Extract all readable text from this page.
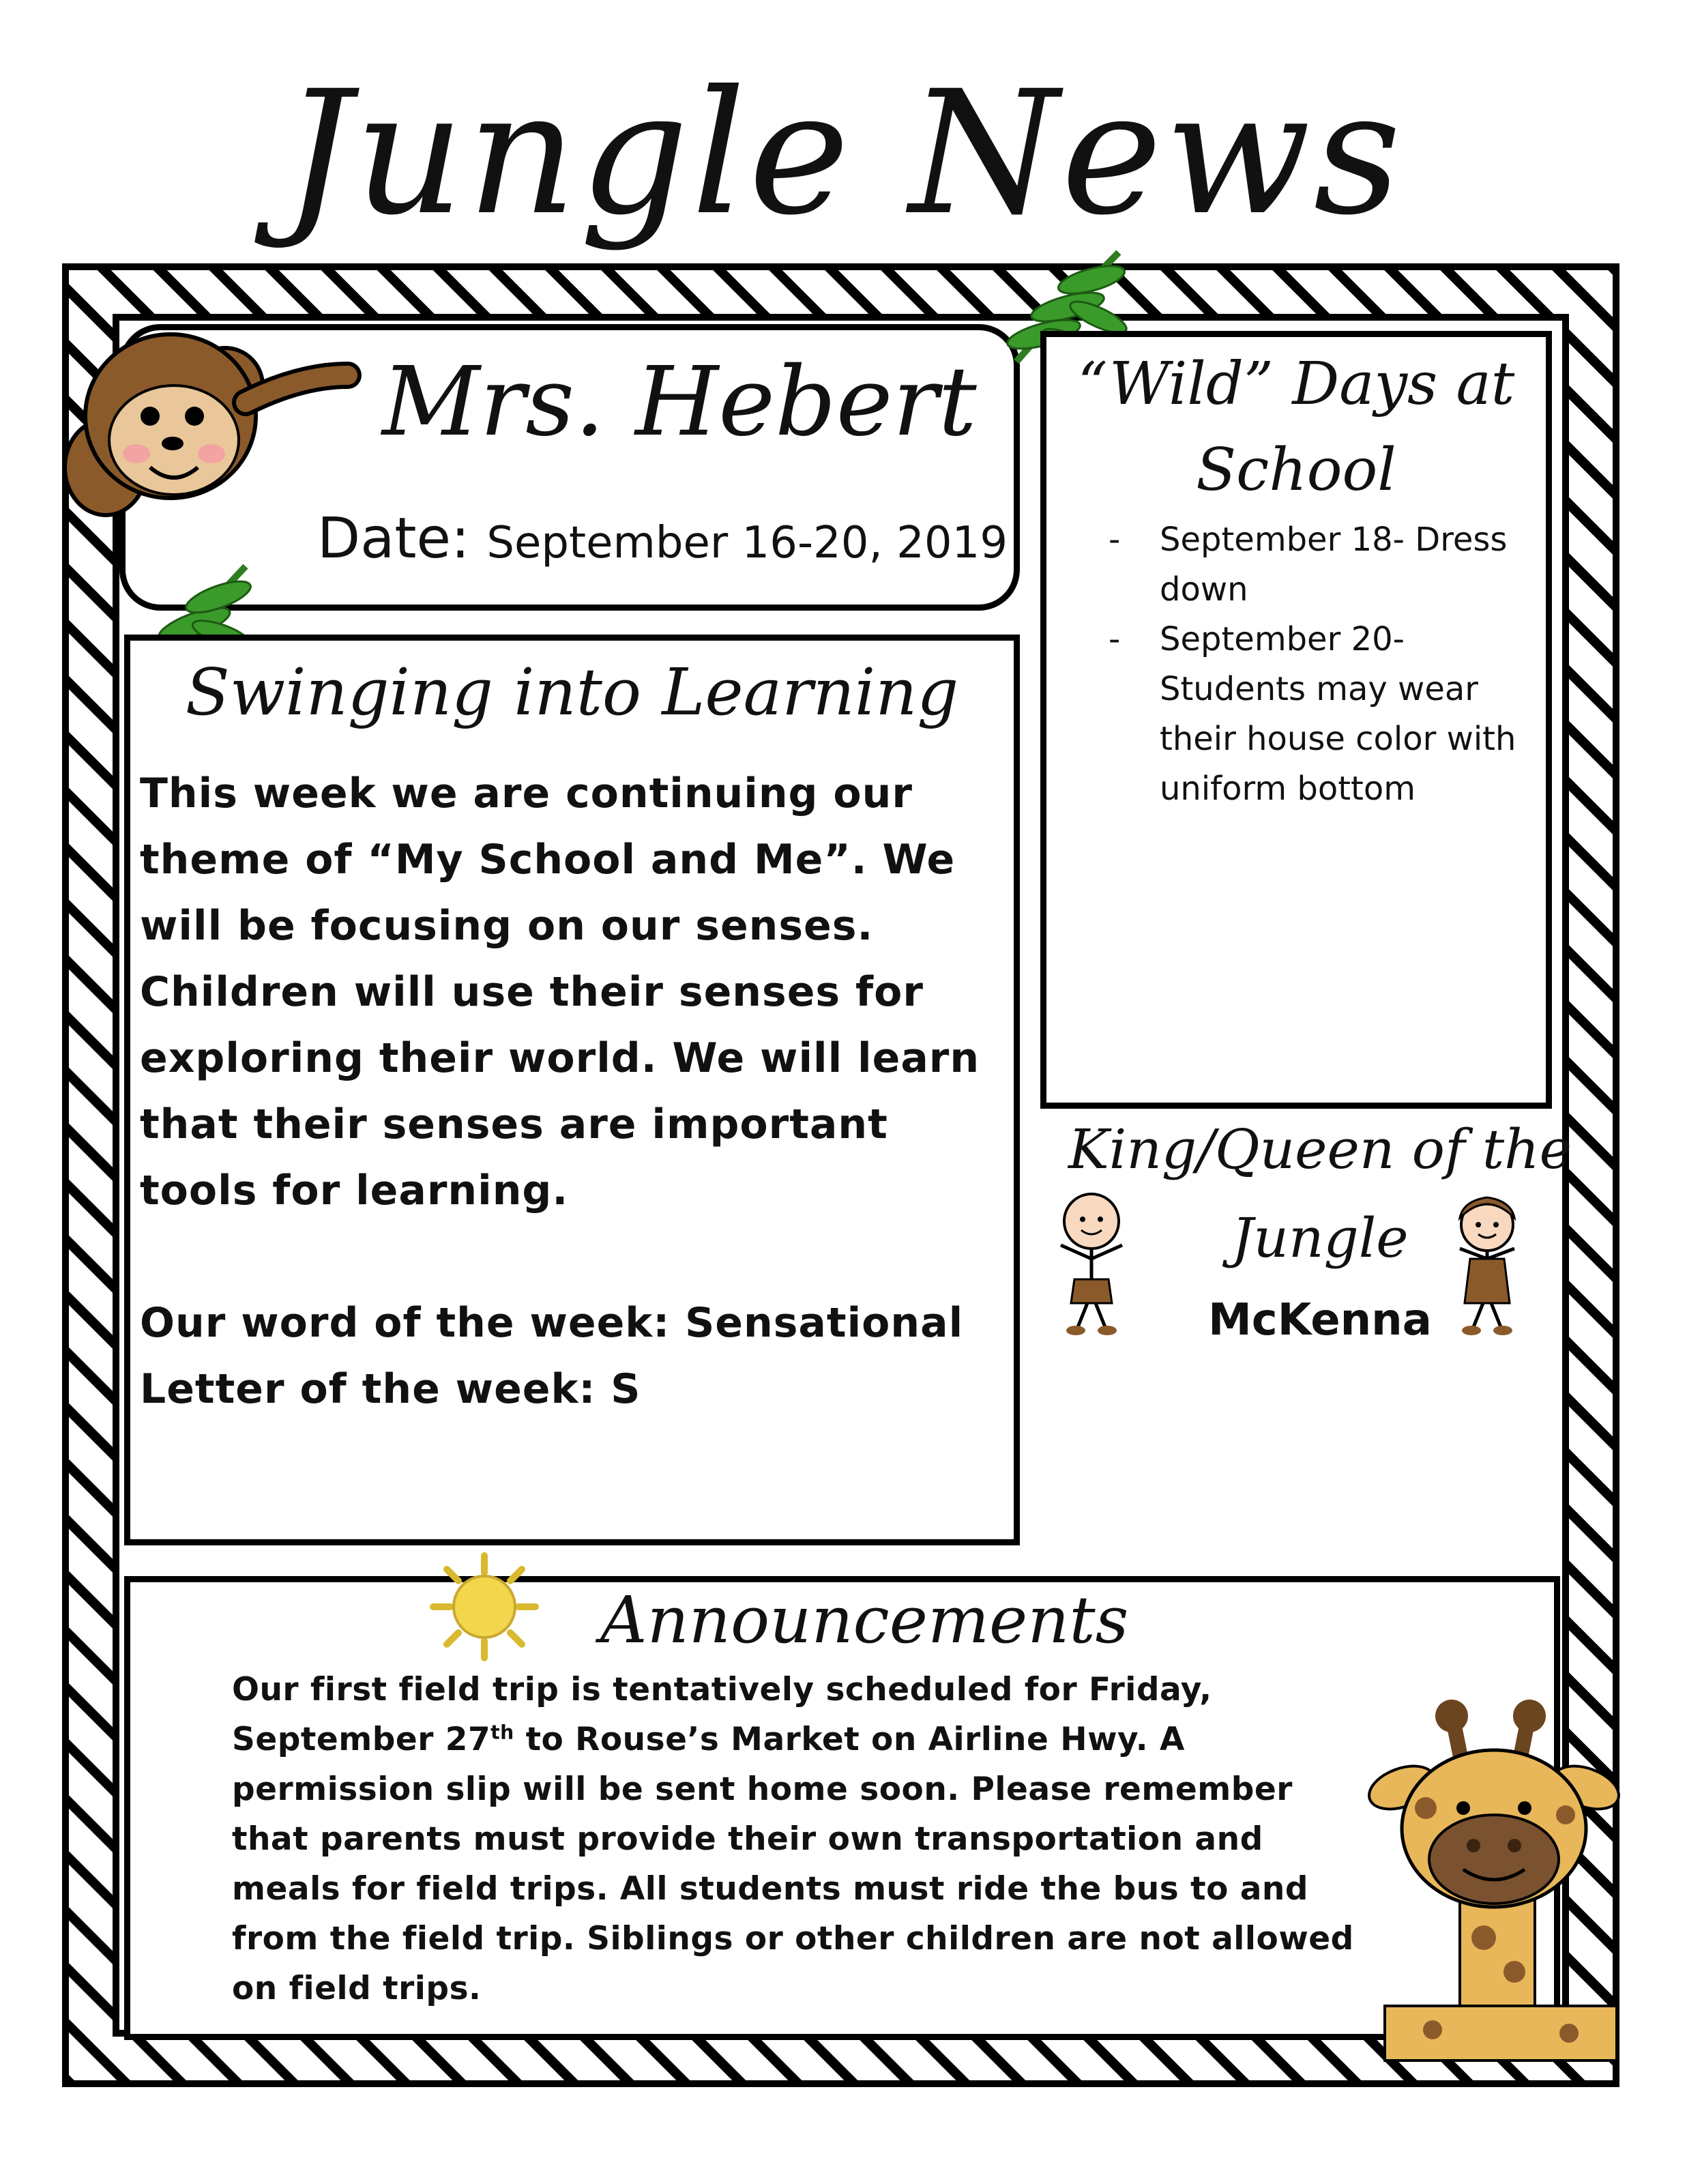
Jungle News
Mrs. Hebert
Date: September 16-20, 2019
Swinging into Learning

This week we are continuing our theme of “My School and Me”. We will be focusing on our senses. Children will use their senses for exploring their world. We will learn that their senses are important tools for learning.

Our word of the week: Sensational

Letter of the week: S

“Wild” Days at School
- September 18- Dress down
- September 20- Students may wear their house color with uniform bottom
King/Queen of the Jungle
McKenna
Announcements

Our first field trip is tentatively scheduled for Friday, September 27th to Rouse’s Market on Airline Hwy. A permission slip will be sent home soon. Please remember that parents must provide their own transportation and meals for field trips. All students must ride the bus to and from the field trip. Siblings or other children are not allowed on field trips.
